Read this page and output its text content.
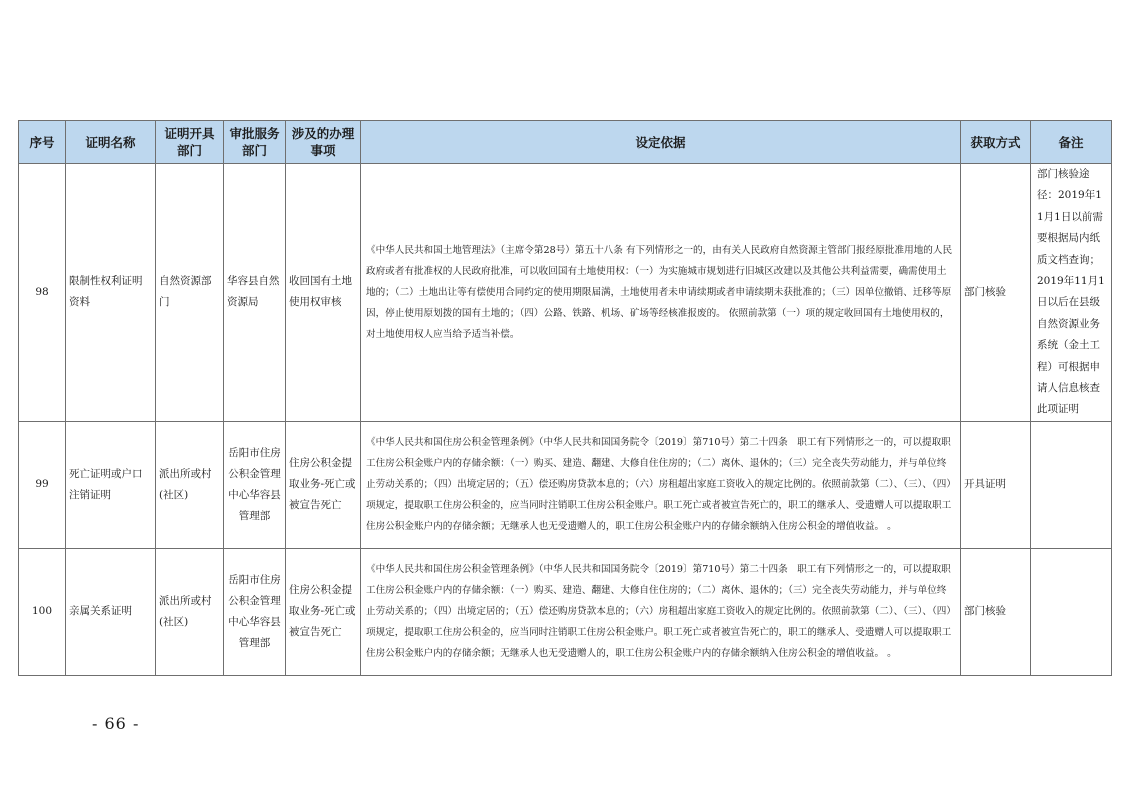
序号	证明名称	证明开具部门	审批服务部门	涉及的办理事项	设定依据	获取方式	备注
98	限制性权利证明资料	自然资源部门	华容县自然资源局	收回国有土地使用权审核	《中华人民共和国土地管理法》（主席令第28号）第五十八条 有下列情形之一的，由有关人民政府自然资源主管部门报经原批准用地的人民政府或者有批准权的人民政府批准，可以收回国有土地使用权：（一）为实施城市规划进行旧城区改建以及其他公共利益需要，确需使用土地的；（二）土地出让等有偿使用合同约定的使用期限届满，土地使用者未申请续期或者申请续期未获批准的；（三）因单位撤销、迁移等原因，停止使用原划拨的国有土地的；（四）公路、铁路、机场、矿场等经核准报废的。 依照前款第（一）项的规定收回国有土地使用权的，对土地使用权人应当给予适当补偿。	部门核验	部门核验途径：2019年11月1日以前需要根据局内纸质文档查询；2019年11月1日以后在县级自然资源业务系统（金土工程）可根据申请人信息核查此项证明
99	死亡证明或户口注销证明	派出所或村(社区)	岳阳市住房公积金管理中心华容县管理部	住房公积金提取业务-死亡或被宣告死亡	《中华人民共和国住房公积金管理条例》（中华人民共和国国务院令〔2019〕第710号）第二十四条　职工有下列情形之一的，可以提取职工住房公积金账户内的存储余额：（一）购买、建造、翻建、大修自住住房的；（二）离休、退休的；（三）完全丧失劳动能力，并与单位终止劳动关系的；（四）出境定居的；（五）偿还购房贷款本息的；（六）房租超出家庭工资收入的规定比例的。依照前款第（二）、（三）、（四）项规定，提取职工住房公积金的，应当同时注销职工住房公积金账户。职工死亡或者被宣告死亡的，职工的继承人、受遗赠人可以提取职工住房公积金账户内的存储余额；无继承人也无受遗赠人的，职工住房公积金账户内的存储余额纳入住房公积金的增值收益。 。	开具证明	
100	亲属关系证明	派出所或村(社区)	岳阳市住房公积金管理中心华容县管理部	住房公积金提取业务-死亡或被宣告死亡	《中华人民共和国住房公积金管理条例》（中华人民共和国国务院令〔2019〕第710号）第二十四条　职工有下列情形之一的，可以提取职工住房公积金账户内的存储余额：（一）购买、建造、翻建、大修自住住房的；（二）离休、退休的；（三）完全丧失劳动能力，并与单位终止劳动关系的；（四）出境定居的；（五）偿还购房贷款本息的；（六）房租超出家庭工资收入的规定比例的。依照前款第（二）、（三）、（四）项规定，提取职工住房公积金的，应当同时注销职工住房公积金账户。职工死亡或者被宣告死亡的，职工的继承人、受遗赠人可以提取职工住房公积金账户内的存储余额；无继承人也无受遗赠人的，职工住房公积金账户内的存储余额纳入住房公积金的增值收益。 。	部门核验	
- 66 -
